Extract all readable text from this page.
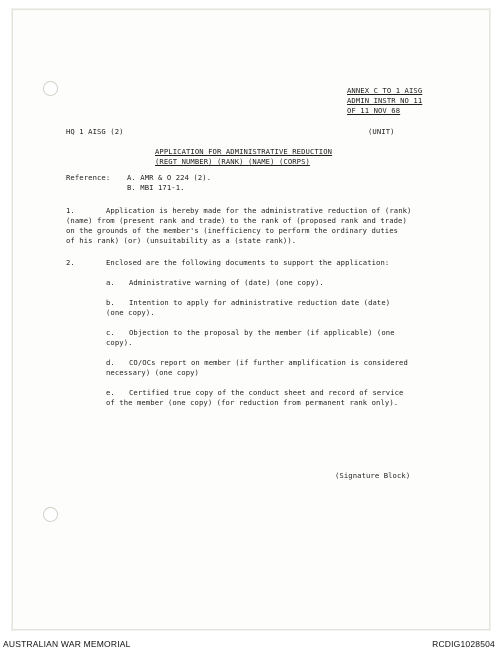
ANNEX C TO 1 AISG
ADMIN INSTR NO 11
OF 11 NOV 68
HQ 1 AISG (2)	(UNIT)
APPLICATION FOR ADMINISTRATIVE REDUCTION
(REGT NUMBER) (RANK) (NAME) (CORPS)
Reference: A. AMR & O 224 (2).
B. MBI 171-1.
1.	Application is hereby made for the administrative reduction of (rank)
(name) from (present rank and trade) to the rank of (proposed rank and trade)
on the grounds of the member's (inefficiency to perform the ordinary duties
of his rank) (or) (unsuitability as a (state rank)).
2.	Enclosed are the following documents to support the application:
a. Administrative warning of (date) (one copy).
b. Intention to apply for administrative reduction date (date)
(one copy).
c. Objection to the proposal by the member (if applicable) (one
copy).
d. CO/OCs report on member (if further amplification is considered
necessary) (one copy)
e. Certified true copy of the conduct sheet and record of service
of the member (one copy) (for reduction from permanent rank only).
(Signature Block)
AUSTRALIAN WAR MEMORIAL	RCDIG1028504
